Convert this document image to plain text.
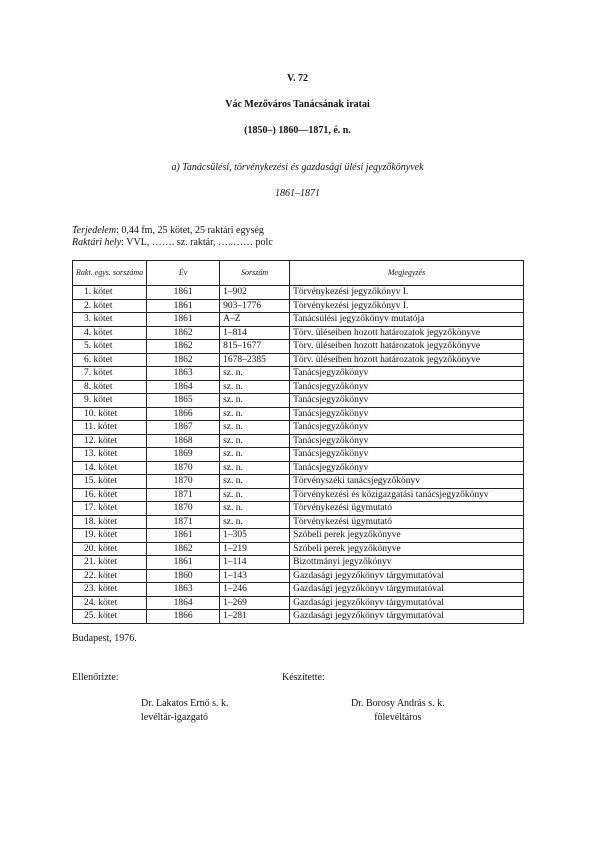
V. 72
Vác Mezőváros Tanácsának iratai
(1850–) 1860—1871, é. n.
a) Tanácsülési, törvénykezési és gazdasági ülési jegyzőkönyvek
1861–1871
Terjedelem: 0,44 fm, 25 kötet, 25 raktári egység
Raktári hely: VVL, ……. sz. raktár, …..…… polc
Rakt. egys. sorszáma	Év	Sorszám	Megjegyzés
1. kötet	1861	1–902	Törvénykezési jegyzőkönyv I.
2. kötet	1861	903–1776	Törvénykezési jegyzőkönyv I.
3. kötet	1861	A–Z	Tanácsülési jegyzőkönyv mutatója
4. kötet	1862	1–814	Törv. üléseiben hozott határozatok jegyzőkönyve
5. kötet	1862	815–1677	Törv. üléseiben hozott határozatok jegyzőkönyve
6. kötet	1862	1678–2385	Törv. üléseiben hozott határozatok jegyzőkönyve
7. kötet	1863	sz. n.	Tanácsjegyzőkönyv
8. kötet	1864	sz. n.	Tanácsjegyzőkönyv
9. kötet	1865	sz. n.	Tanácsjegyzőkönyv
10. kötet	1866	sz. n.	Tanácsjegyzőkönyv
11. kötet	1867	sz. n.	Tanácsjegyzőkönyv
12. kötet	1868	sz. n.	Tanácsjegyzőkönyv
13. kötet	1869	sz. n.	Tanácsjegyzőkönyv
14. kötet	1870	sz. n.	Tanácsjegyzőkönyv
15. kötet	1870	sz. n.	Törvényszéki tanácsjegyzőkönyv
16. kötet	1871	sz. n.	Törvénykezési és közigazgatási tanácsjegyzőkönyv
17. kötet	1870	sz. n.	Törvénykezési ügymutató
18. kötet	1871	sz. n.	Törvénykezési ügymutató
19. kötet	1861	1–305	Szóbeli perek jegyzőkönyve
20. kötet	1862	1–219	Szóbeli perek jegyzőkönyve
21. kötet	1861	1–114	Bizottmányi jegyzőkönyv
22. kötet	1860	1–143	Gazdasági jegyzőkönyv tárgymutatóval
23. kötet	1863	1–246	Gazdasági jegyzőkönyv tárgymutatóval
24. kötet	1864	1–269	Gazdasági jegyzőkönyv tárgymutatóval
25. kötet	1866	1–281	Gazdasági jegyzőkönyv tárgymutatóval
Budapest, 1976.
Ellenőrizte:	Készítette:
Dr. Lakatos Ernő s. k.
levéltár-igazgató
Dr. Borosy András s. k.
főlevéltáros
